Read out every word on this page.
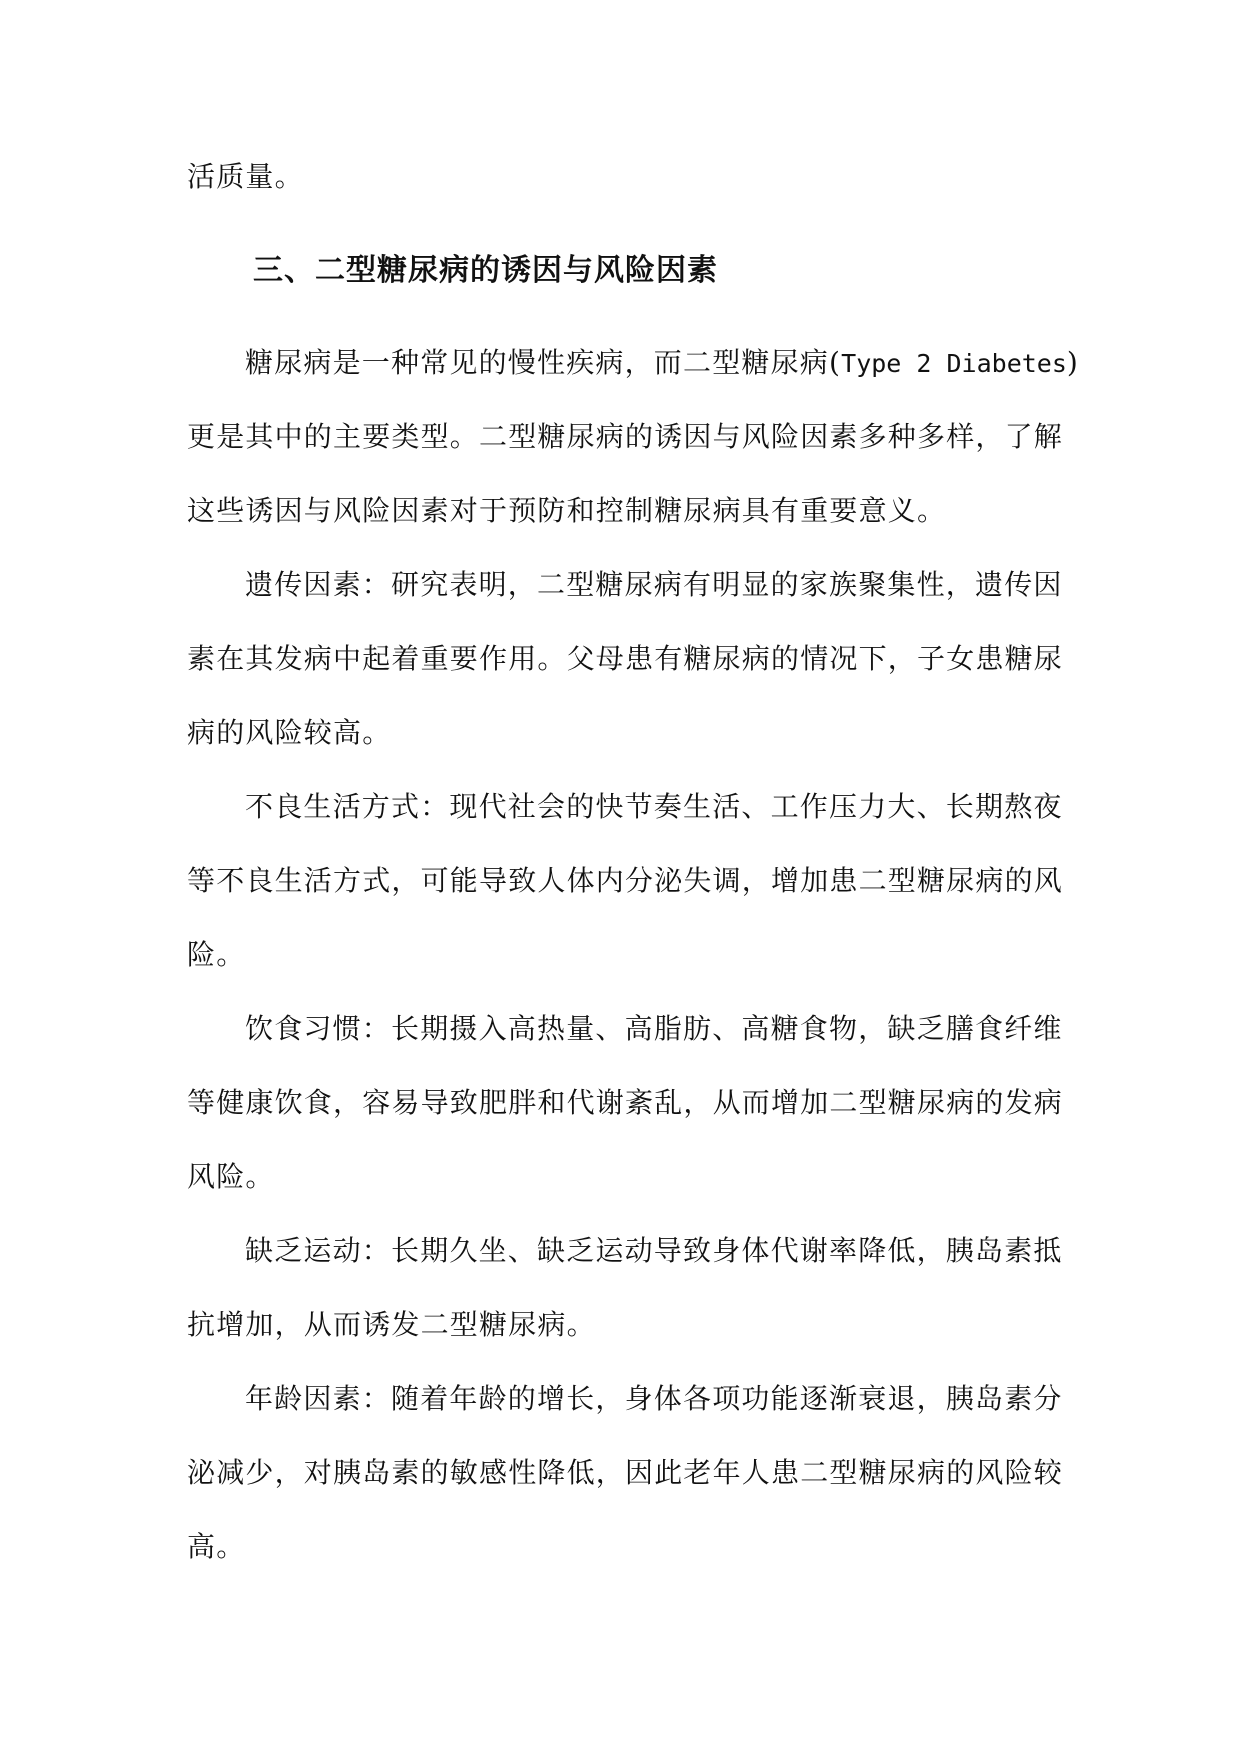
活质量。
三、二型糖尿病的诱因与风险因素
糖尿病是一种常见的慢性疾病，而二型糖尿病(Type 2 Diabetes)
更是其中的主要类型。二型糖尿病的诱因与风险因素多种多样，了解
这些诱因与风险因素对于预防和控制糖尿病具有重要意义。
遗传因素：研究表明，二型糖尿病有明显的家族聚集性，遗传因
素在其发病中起着重要作用。父母患有糖尿病的情况下，子女患糖尿
病的风险较高。
不良生活方式：现代社会的快节奏生活、工作压力大、长期熬夜
等不良生活方式，可能导致人体内分泌失调，增加患二型糖尿病的风
险。
饮食习惯：长期摄入高热量、高脂肪、高糖食物，缺乏膳食纤维
等健康饮食，容易导致肥胖和代谢紊乱，从而增加二型糖尿病的发病
风险。
缺乏运动：长期久坐、缺乏运动导致身体代谢率降低，胰岛素抵
抗增加，从而诱发二型糖尿病。
年龄因素：随着年龄的增长，身体各项功能逐渐衰退，胰岛素分
泌减少，对胰岛素的敏感性降低，因此老年人患二型糖尿病的风险较
高。
